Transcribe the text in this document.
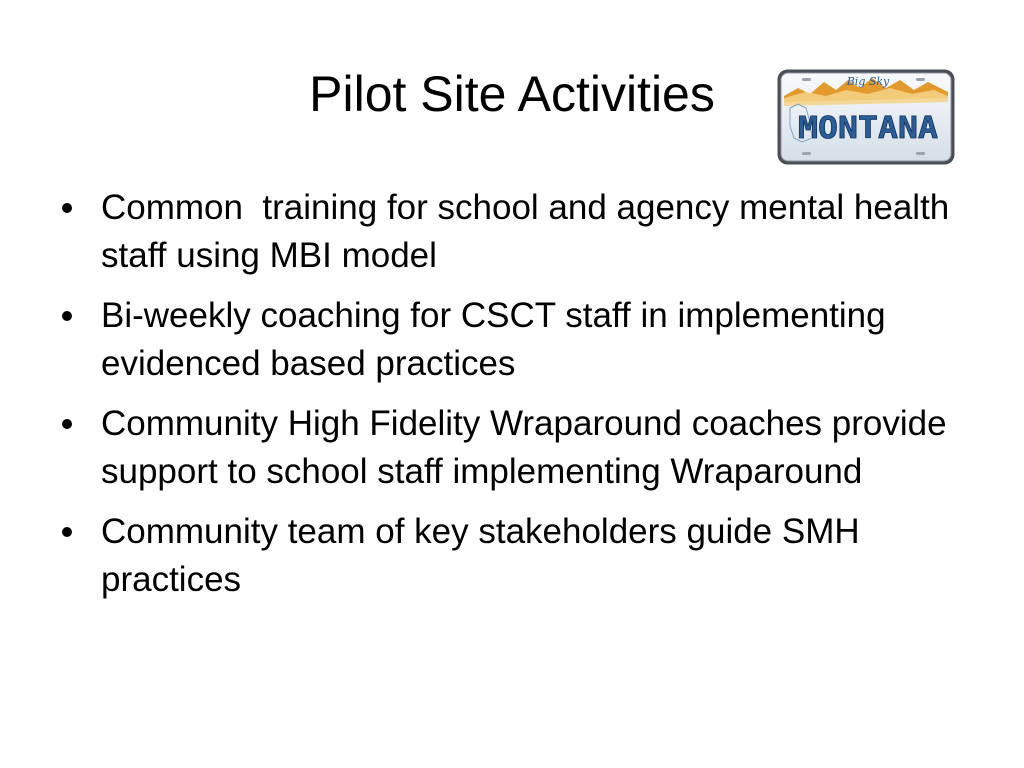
Pilot Site Activities	Big Sky
MONTANA
Common  training for school and agency mental health staff using MBI model
Bi-weekly coaching for CSCT staff in implementing evidenced based practices
Community High Fidelity Wraparound coaches provide support to school staff implementing Wraparound
Community team of key stakeholders guide SMH practices
